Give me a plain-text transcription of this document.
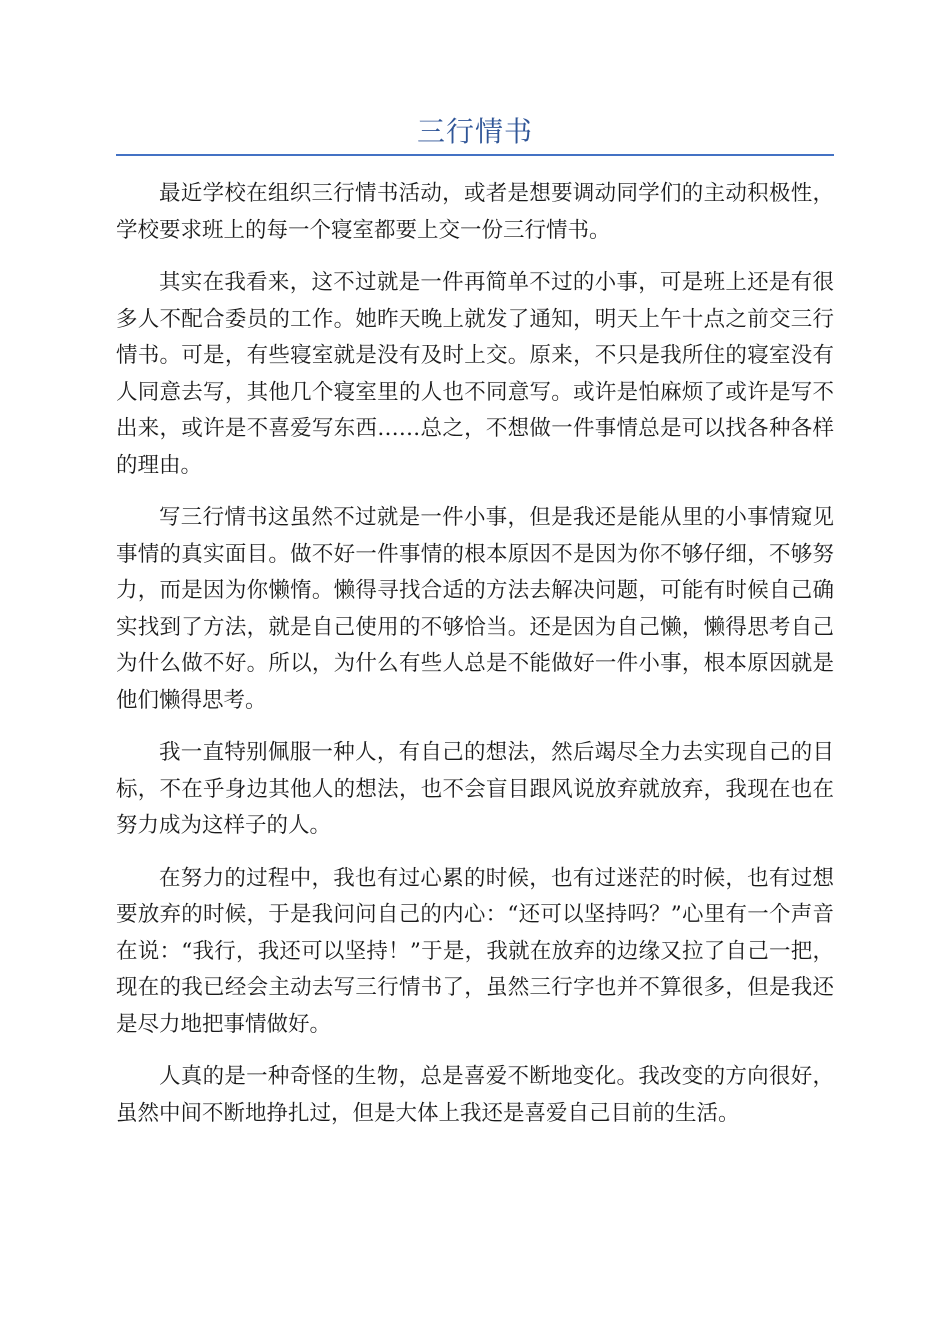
三行情书

最近学校在组织三行情书活动，或者是想要调动同学们的主动积极性，学校要求班上的每一个寝室都要上交一份三行情书。

其实在我看来，这不过就是一件再简单不过的小事，可是班上还是有很多人不配合委员的工作。她昨天晚上就发了通知，明天上午十点之前交三行情书。可是，有些寝室就是没有及时上交。原来，不只是我所住的寝室没有人同意去写，其他几个寝室里的人也不同意写。或许是怕麻烦了或许是写不出来，或许是不喜爱写东西……总之，不想做一件事情总是可以找各种各样的理由。

写三行情书这虽然不过就是一件小事，但是我还是能从里的小事情窥见事情的真实面目。做不好一件事情的根本原因不是因为你不够仔细，不够努力，而是因为你懒惰。懒得寻找合适的方法去解决问题，可能有时候自己确实找到了方法，就是自己使用的不够恰当。还是因为自己懒，懒得思考自己为什么做不好。所以，为什么有些人总是不能做好一件小事，根本原因就是他们懒得思考。

我一直特别佩服一种人，有自己的想法，然后竭尽全力去实现自己的目标，不在乎身边其他人的想法，也不会盲目跟风说放弃就放弃，我现在也在努力成为这样子的人。

在努力的过程中，我也有过心累的时候，也有过迷茫的时候，也有过想要放弃的时候，于是我问问自己的内心：“还可以坚持吗？”心里有一个声音在说：“我行，我还可以坚持！”于是，我就在放弃的边缘又拉了自己一把，现在的我已经会主动去写三行情书了，虽然三行字也并不算很多，但是我还是尽力地把事情做好。

人真的是一种奇怪的生物，总是喜爱不断地变化。我改变的方向很好，虽然中间不断地挣扎过，但是大体上我还是喜爱自己目前的生活。
